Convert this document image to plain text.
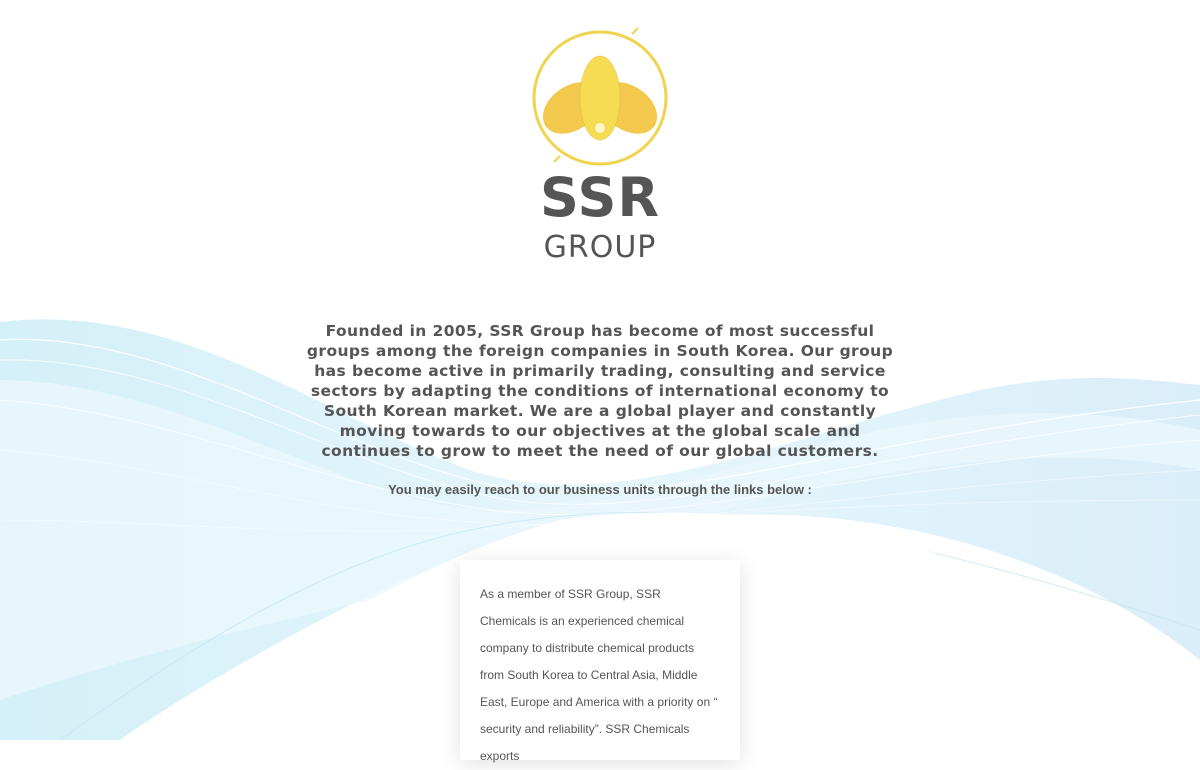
SSR
GROUP

Founded in 2005, SSR Group has become of most successful groups among the foreign companies in South Korea. Our group has become active in primarily trading, consulting and service sectors by adapting the conditions of international economy to South Korean market. We are a global player and constantly moving towards to our objectives at the global scale and continues to grow to meet the need of our global customers.

You may easily reach to our business units through the links below :

As a member of SSR Group, SSR Chemicals is an experienced chemical company to distribute chemical products from South Korea to Central Asia, Middle East, Europe and America with a priority on “ security and reliability”. SSR Chemicals exports
